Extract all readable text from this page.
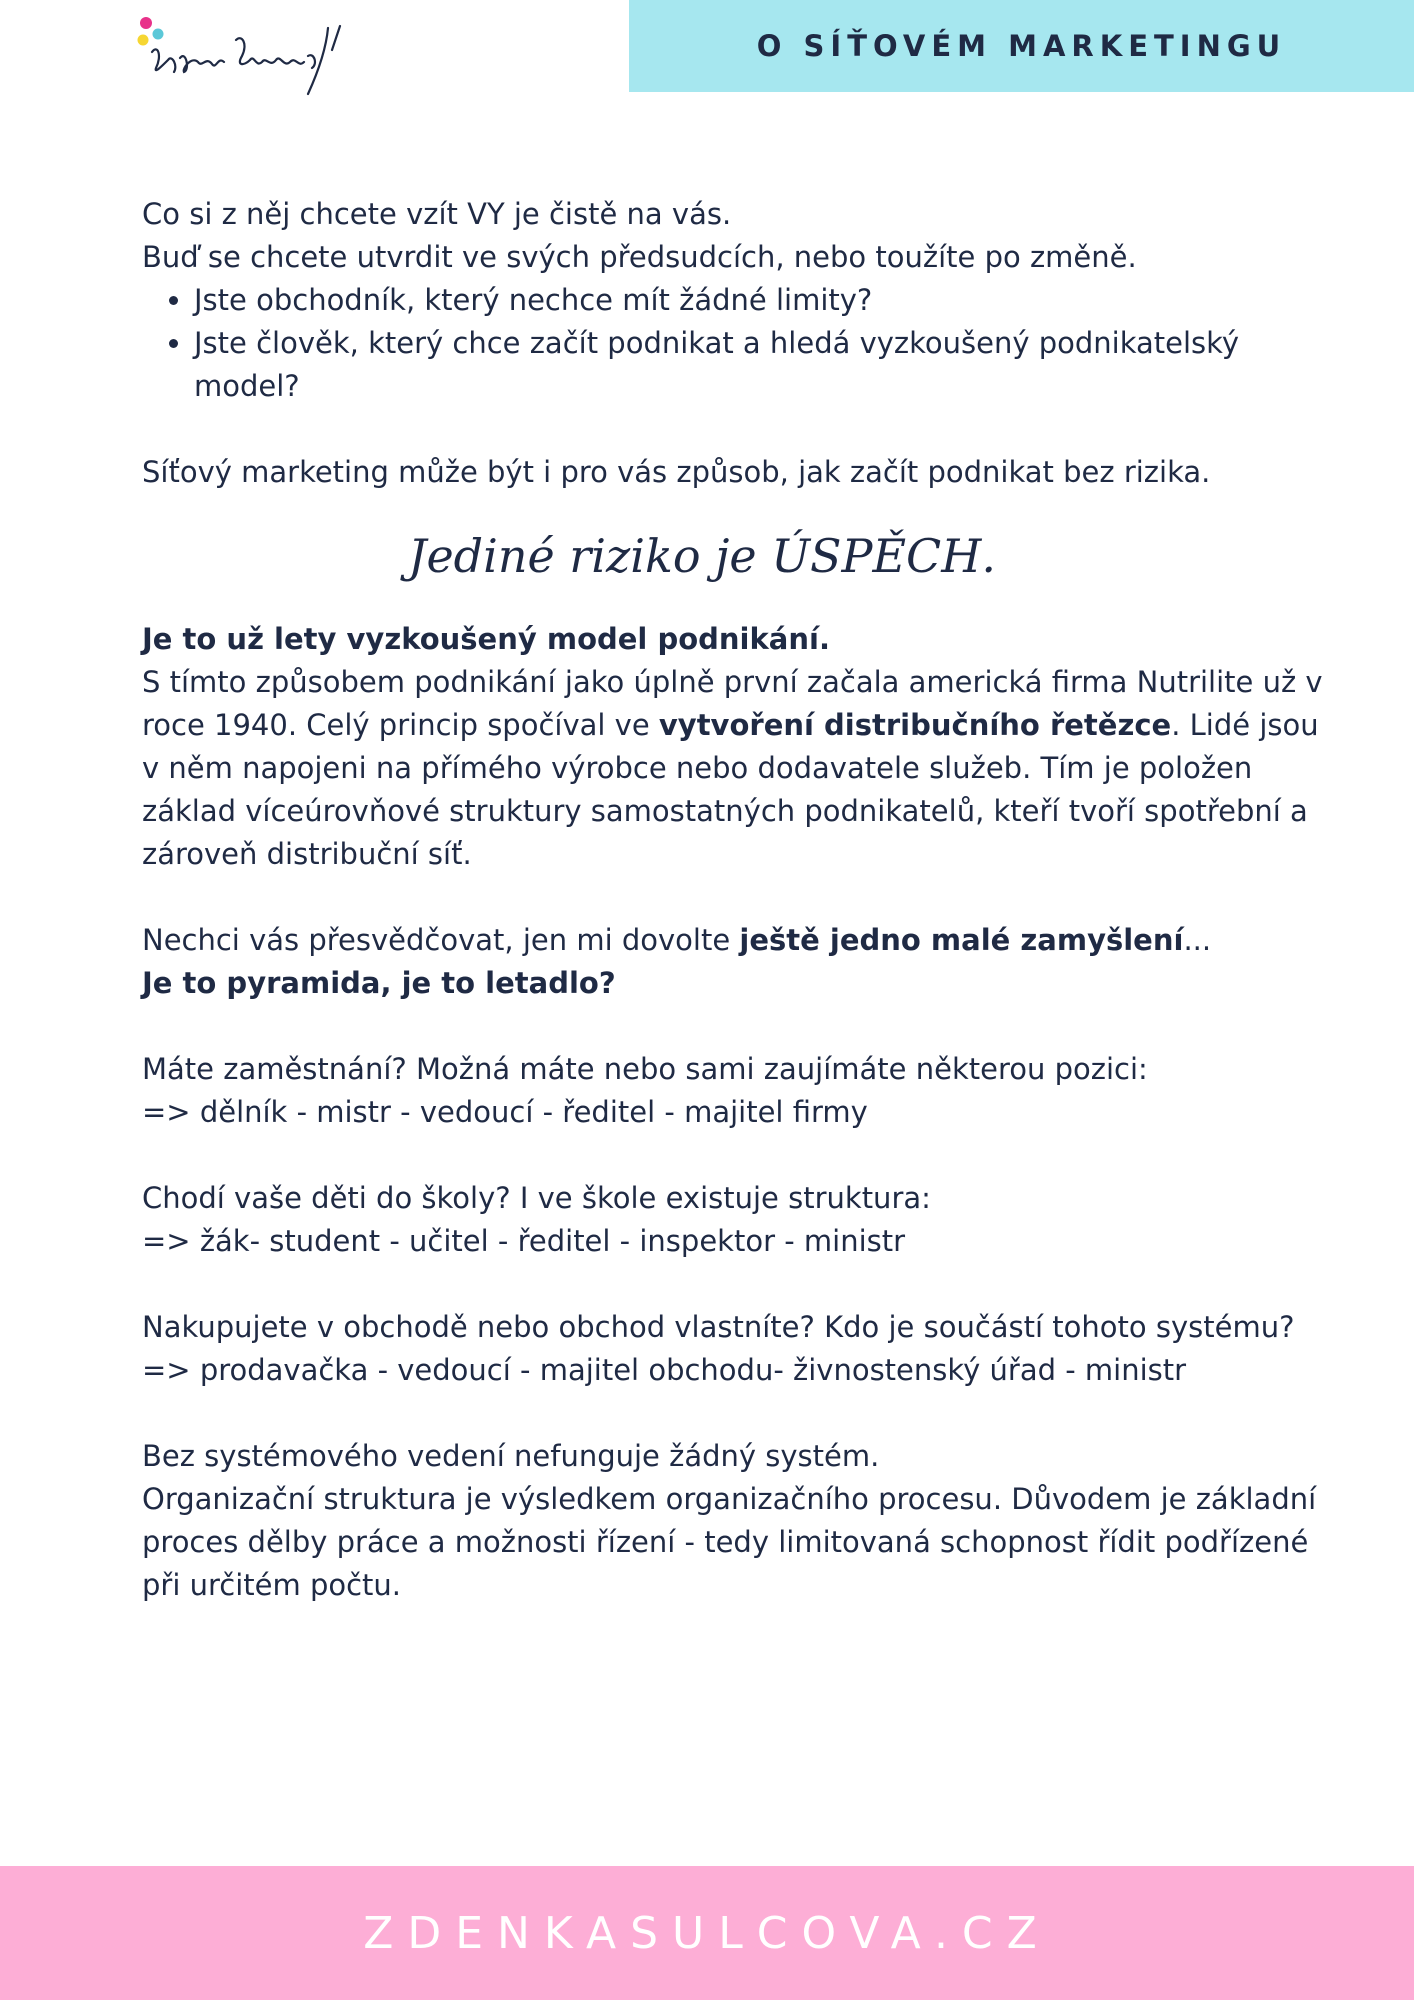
O SÍŤOVÉM MARKETINGU

Co si z něj chcete vzít VY je čistě na vás.

Buď se chcete utvrdit ve svých předsudcích, nebo toužíte po změně.

• Jste obchodník, který nechce mít žádné limity?
• Jste člověk, který chce začít podnikat a hledá vyzkoušený podnikatelský model?

Síťový marketing může být i pro vás způsob, jak začít podnikat bez rizika.

Jediné riziko je ÚSPĚCH.

Je to už lety vyzkoušený model podnikání.

S tímto způsobem podnikání jako úplně první začala americká firma Nutrilite už v roce 1940. Celý princip spočíval ve vytvoření distribučního řetězce. Lidé jsou v něm napojeni na přímého výrobce nebo dodavatele služeb. Tím je položen základ víceúrovňové struktury samostatných podnikatelů, kteří tvoří spotřební a zároveň distribuční síť.

Nechci vás přesvědčovat, jen mi dovolte ještě jedno malé zamyšlení...

Je to pyramida, je to letadlo?

Máte zaměstnání? Možná máte nebo sami zaujímáte některou pozici:

=> dělník - mistr - vedoucí - ředitel - majitel firmy

Chodí vaše děti do školy? I ve škole existuje struktura:

=> žák- student - učitel - ředitel - inspektor - ministr

Nakupujete v obchodě nebo obchod vlastníte? Kdo je součástí tohoto systému?

=> prodavačka - vedoucí - majitel obchodu- živnostenský úřad - ministr

Bez systémového vedení nefunguje žádný systém.

Organizační struktura je výsledkem organizačního procesu. Důvodem je základní proces dělby práce a možnosti řízení - tedy limitovaná schopnost řídit podřízené při určitém počtu.

ZDENKASULCOVA.CZ
